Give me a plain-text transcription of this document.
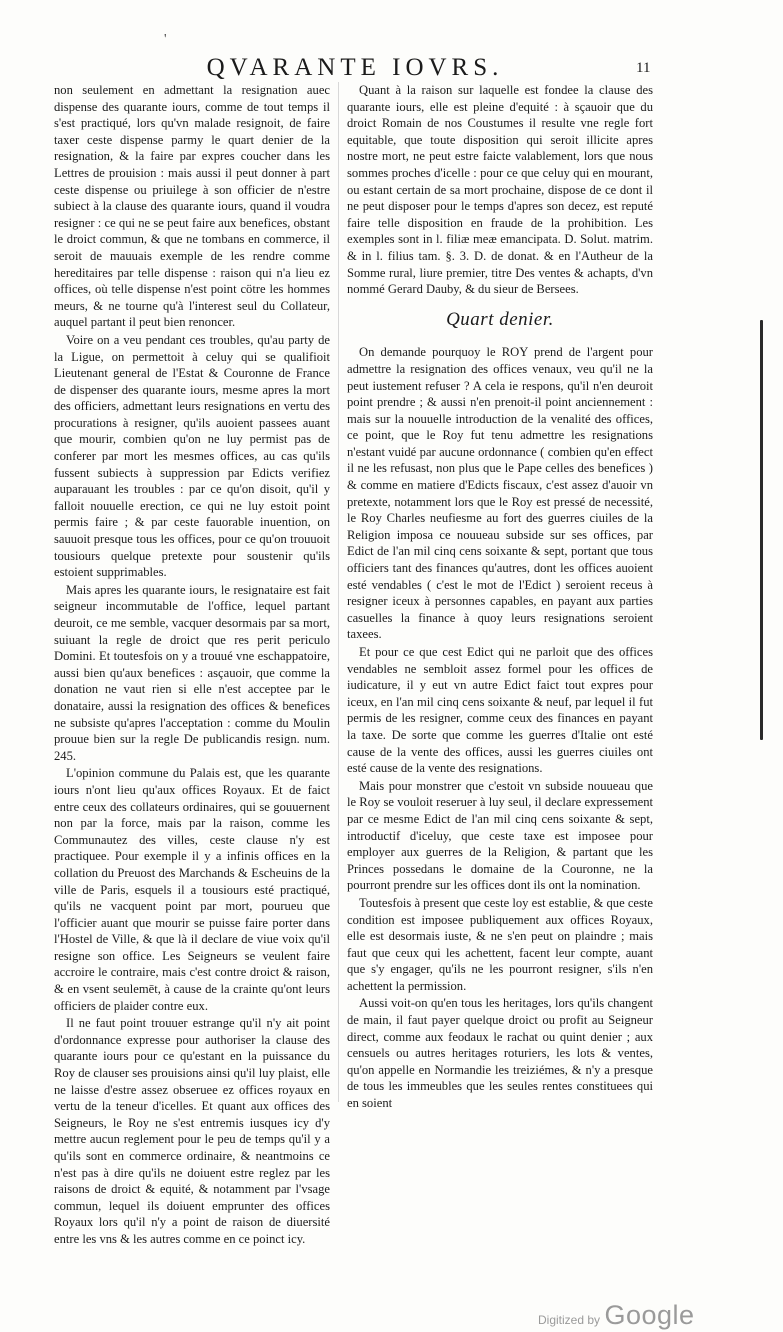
'
QVARANTE IOVRS.	11

non seulement en admettant la resignation auec dispense des quarante iours, comme de tout temps il s'est practiqué, lors qu'vn malade resignoit, de faire taxer ceste dispense parmy le quart denier de la resignation, & la faire par expres coucher dans les Lettres de prouision : mais aussi il peut donner à part ceste dispense ou priuilege à son officier de n'estre subiect à la clause des quarante iours, quand il voudra resigner : ce qui ne se peut faire aux benefices, obstant le droict commun, & que ne tombans en commerce, il seroit de mauuais exemple de les rendre comme hereditaires par telle dispense : raison qui n'a lieu ez offices, où telle dispense n'est point cötre les hommes meurs, & ne tourne qu'à l'interest seul du Collateur, auquel partant il peut bien renoncer.

Voire on a veu pendant ces troubles, qu'au party de la Ligue, on permettoit à celuy qui se qualifioit Lieutenant general de l'Estat & Couronne de France de dispenser des quarante iours, mesme apres la mort des officiers, admettant leurs resignations en vertu des procurations à resigner, qu'ils auoient passees auant que mourir, combien qu'on ne luy permist pas de conferer par mort les mesmes offices, au cas qu'ils fussent subiects à suppression par Edicts verifiez auparauant les troubles : par ce qu'on disoit, qu'il y falloit nouuelle erection, ce qui ne luy estoit point permis faire ; & par ceste fauorable inuention, on sauuoit presque tous les offices, pour ce qu'on trouuoit tousiours quelque pretexte pour soustenir qu'ils estoient supprimables.

Mais apres les quarante iours, le resignataire est fait seigneur incommutable de l'office, lequel partant deuroit, ce me semble, vacquer desormais par sa mort, suiuant la regle de droict que res perit periculo Domini. Et toutesfois on y a trouué vne eschappatoire, aussi bien qu'aux benefices : asçauoir, que comme la donation ne vaut rien si elle n'est acceptee par le donataire, aussi la resignation des offices & benefices ne subsiste qu'apres l'acceptation : comme du Moulin prouue bien sur la regle De publicandis resign. num. 245.

L'opinion commune du Palais est, que les quarante iours n'ont lieu qu'aux offices Royaux. Et de faict entre ceux des collateurs ordinaires, qui se gouuernent non par la force, mais par la raison, comme les Communautez des villes, ceste clause n'y est practiquee. Pour exemple il y a infinis offices en la collation du Preuost des Marchands & Escheuins de la ville de Paris, esquels il a tousiours esté practiqué, qu'ils ne vacquent point par mort, pourueu que l'officier auant que mourir se puisse faire porter dans l'Hostel de Ville, & que là il declare de viue voix qu'il resigne son office. Les Seigneurs se veulent faire accroire le contraire, mais c'est contre droict & raison, & en vsent seulemēt, à cause de la crainte qu'ont leurs officiers de plaider contre eux.

Il ne faut point trouuer estrange qu'il n'y ait point d'ordonnance expresse pour authoriser la clause des quarante iours pour ce qu'estant en la puissance du Roy de clauser ses prouisions ainsi qu'il luy plaist, elle ne laisse d'estre assez obseruee ez offices royaux en vertu de la teneur d'icelles. Et quant aux offices des Seigneurs, le Roy ne s'est entremis iusques icy d'y mettre aucun reglement pour le peu de temps qu'il y a qu'ils sont en commerce ordinaire, & neantmoins ce n'est pas à dire qu'ils ne doiuent estre reglez par les raisons de droict & equité, & notamment par l'vsage commun, lequel ils doiuent emprunter des offices Royaux lors qu'il n'y a point de raison de diuersité entre les vns & les autres comme en ce poinct icy.

Quant à la raison sur laquelle est fondee la clause des quarante iours, elle est pleine d'equité : à sçauoir que du droict Romain de nos Coustumes il resulte vne regle fort equitable, que toute disposition qui seroit illicite apres nostre mort, ne peut estre faicte valablement, lors que nous sommes proches d'icelle : pour ce que celuy qui en mourant, ou estant certain de sa mort prochaine, dispose de ce dont il ne peut disposer pour le temps d'apres son decez, est reputé faire telle disposition en fraude de la prohibition. Les exemples sont in l. filiæ meæ emancipata. D. Solut. matrim. & in l. filius tam. §. 3. D. de donat. & en l'Autheur de la Somme rural, liure premier, titre Des ventes & achapts, d'vn nommé Gerard Dauby, & du sieur de Bersees.

Quart denier.

On demande pourquoy le ROY prend de l'argent pour admettre la resignation des offices venaux, veu qu'il ne la peut iustement refuser ? A cela ie respons, qu'il n'en deuroit point prendre ; & aussi n'en prenoit-il point anciennement : mais sur la nouuelle introduction de la venalité des offices, ce point, que le Roy fut tenu admettre les resignations n'estant vuidé par aucune ordonnance ( combien qu'en effect il ne les refusast, non plus que le Pape celles des benefices ) & comme en matiere d'Edicts fiscaux, c'est assez d'auoir vn pretexte, notamment lors que le Roy est pressé de necessité, le Roy Charles neufiesme au fort des guerres ciuiles de la Religion imposa ce nouueau subside sur ses offices, par Edict de l'an mil cinq cens soixante & sept, portant que tous officiers tant des finances qu'autres, dont les offices auoient esté vendables ( c'est le mot de l'Edict ) seroient receus à resigner iceux à personnes capables, en payant aux parties casuelles la finance à quoy leurs resignations seroient taxees.

Et pour ce que cest Edict qui ne parloit que des offices vendables ne sembloit assez formel pour les offices de iudicature, il y eut vn autre Edict faict tout expres pour iceux, en l'an mil cinq cens soixante & neuf, par lequel il fut permis de les resigner, comme ceux des finances en payant la taxe. De sorte que comme les guerres d'Italie ont esté cause de la vente des offices, aussi les guerres ciuiles ont esté cause de la vente des resignations.

Mais pour monstrer que c'estoit vn subside nouueau que le Roy se vouloit reseruer à luy seul, il declare expressement par ce mesme Edict de l'an mil cinq cens soixante & sept, introductif d'iceluy, que ceste taxe est imposee pour employer aux guerres de la Religion, & partant que les Princes possedans le domaine de la Couronne, ne la pourront prendre sur les offices dont ils ont la nomination.

Toutesfois à present que ceste loy est establie, & que ceste condition est imposee publiquement aux offices Royaux, elle est desormais iuste, & ne s'en peut on plaindre ; mais faut que ceux qui les achettent, facent leur compte, auant que s'y engager, qu'ils ne les pourront resigner, s'ils n'en achettent la permission.

Aussi voit-on qu'en tous les heritages, lors qu'ils changent de main, il faut payer quelque droict ou profit au Seigneur direct, comme aux feodaux le rachat ou quint denier ; aux censuels ou autres heritages roturiers, les lots & ventes, qu'on appelle en Normandie les treiziémes, & n'y a presque de tous les immeubles que les seules rentes constituees qui en soient

Digitized by Google
